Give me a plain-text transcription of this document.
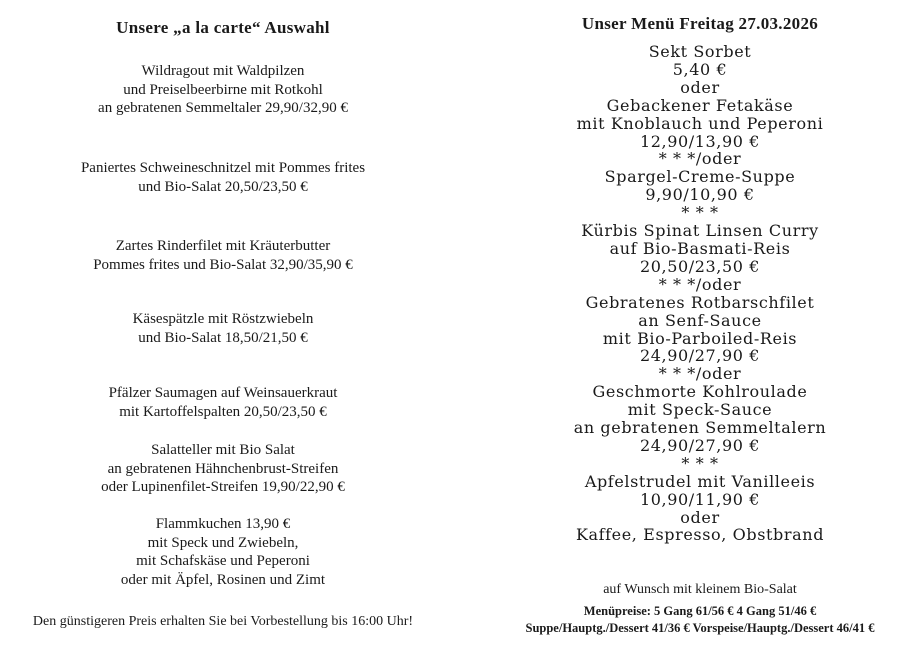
Unsere „a la carte“ Auswahl
Wildragout mit Waldpilzen
und Preiselbeerbirne mit Rotkohl
an gebratenen Semmeltaler 29,90/32,90 €
Paniertes Schweineschnitzel mit Pommes frites
und Bio-Salat 20,50/23,50 €
Zartes Rinderfilet mit Kräuterbutter
Pommes frites und Bio-Salat 32,90/35,90 €
Käsespätzle mit Röstzwiebeln
und Bio-Salat 18,50/21,50 €
Pfälzer Saumagen auf Weinsauerkraut
mit Kartoffelspalten 20,50/23,50 €
Salatteller mit Bio Salat
an gebratenen Hähnchenbrust-Streifen
oder Lupinenfilet-Streifen 19,90/22,90 €
Flammkuchen 13,90 €
mit Speck und Zwiebeln,
mit Schafskäse und Peperoni
oder mit Äpfel, Rosinen und Zimt
Den günstigeren Preis erhalten Sie bei Vorbestellung bis 16:00 Uhr!
Unser Menü Freitag 27.03.2026
Sekt Sorbet
5,40 €
oder
Gebackener Fetakäse
mit Knoblauch und Peperoni
12,90/13,90 €
* * */oder
Spargel-Creme-Suppe
9,90/10,90 €
* * *
Kürbis Spinat Linsen Curry
auf Bio-Basmati-Reis
20,50/23,50 €
* * */oder
Gebratenes Rotbarschfilet
an Senf-Sauce
mit Bio-Parboiled-Reis
24,90/27,90 €
* * */oder
Geschmorte Kohlroulade
mit Speck-Sauce
an gebratenen Semmeltalern
24,90/27,90 €
* * *
Apfelstrudel mit Vanilleeis
10,90/11,90 €
oder
Kaffee, Espresso, Obstbrand
auf Wunsch mit kleinem Bio-Salat
Menüpreise: 5 Gang 61/56 € 4 Gang 51/46 €
Suppe/Hauptg./Dessert 41/36 € Vorspeise/Hauptg./Dessert 46/41 €
